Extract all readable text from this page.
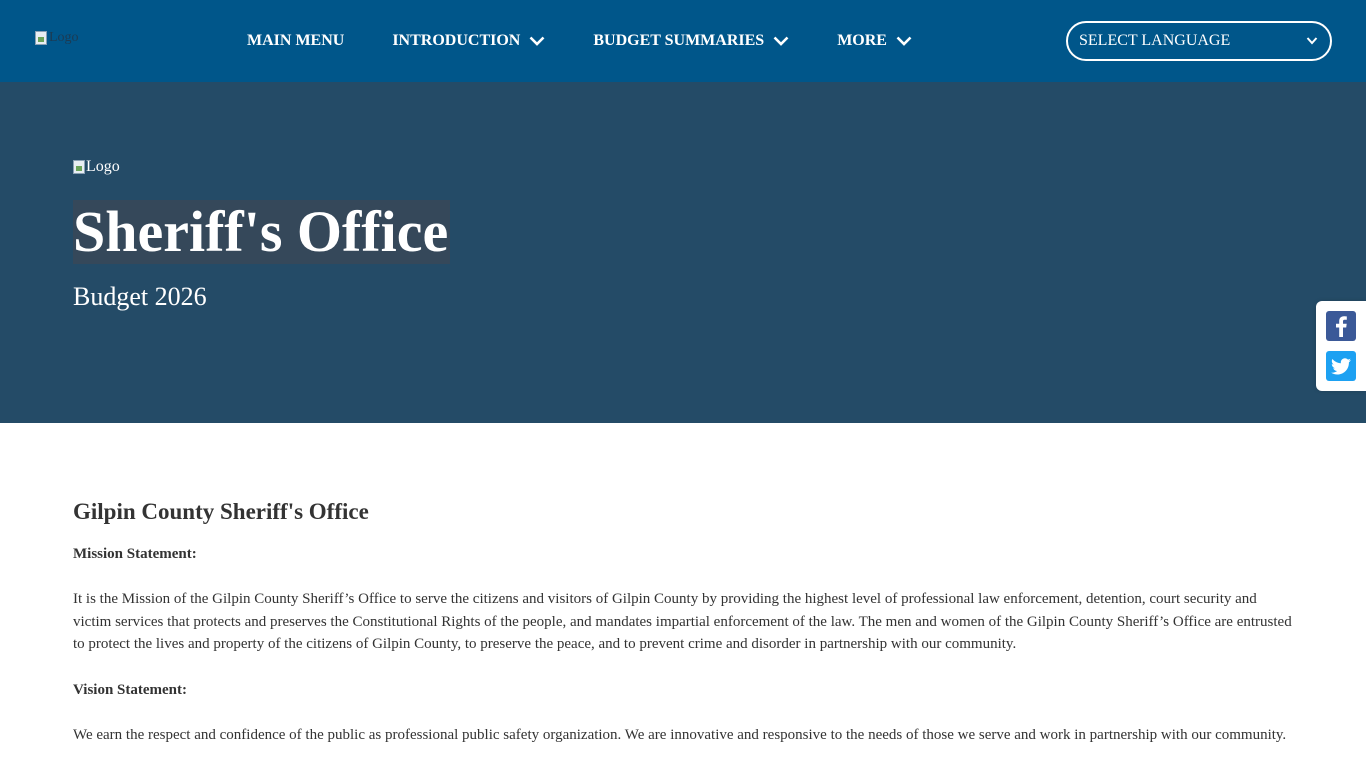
Logo	MAIN MENU	INTRODUCTION	BUDGET SUMMARIES	MORE	SELECT LANGUAGE
Logo
Sheriff's Office
Budget 2026
Gilpin County Sheriff's Office
Mission Statement:

It is the Mission of the Gilpin County Sheriff’s Office to serve the citizens and visitors of Gilpin County by providing the highest level of professional law enforcement, detention, court security and victim services that protects and preserves the Constitutional Rights of the people, and mandates impartial enforcement of the law. The men and women of the Gilpin County Sheriff’s Office are entrusted to protect the lives and property of the citizens of Gilpin County, to preserve the peace, and to prevent crime and disorder in partnership with our community.

Vision Statement:

We earn the respect and confidence of the public as professional public safety organization. We are innovative and responsive to the needs of those we serve and work in partnership with our community.
